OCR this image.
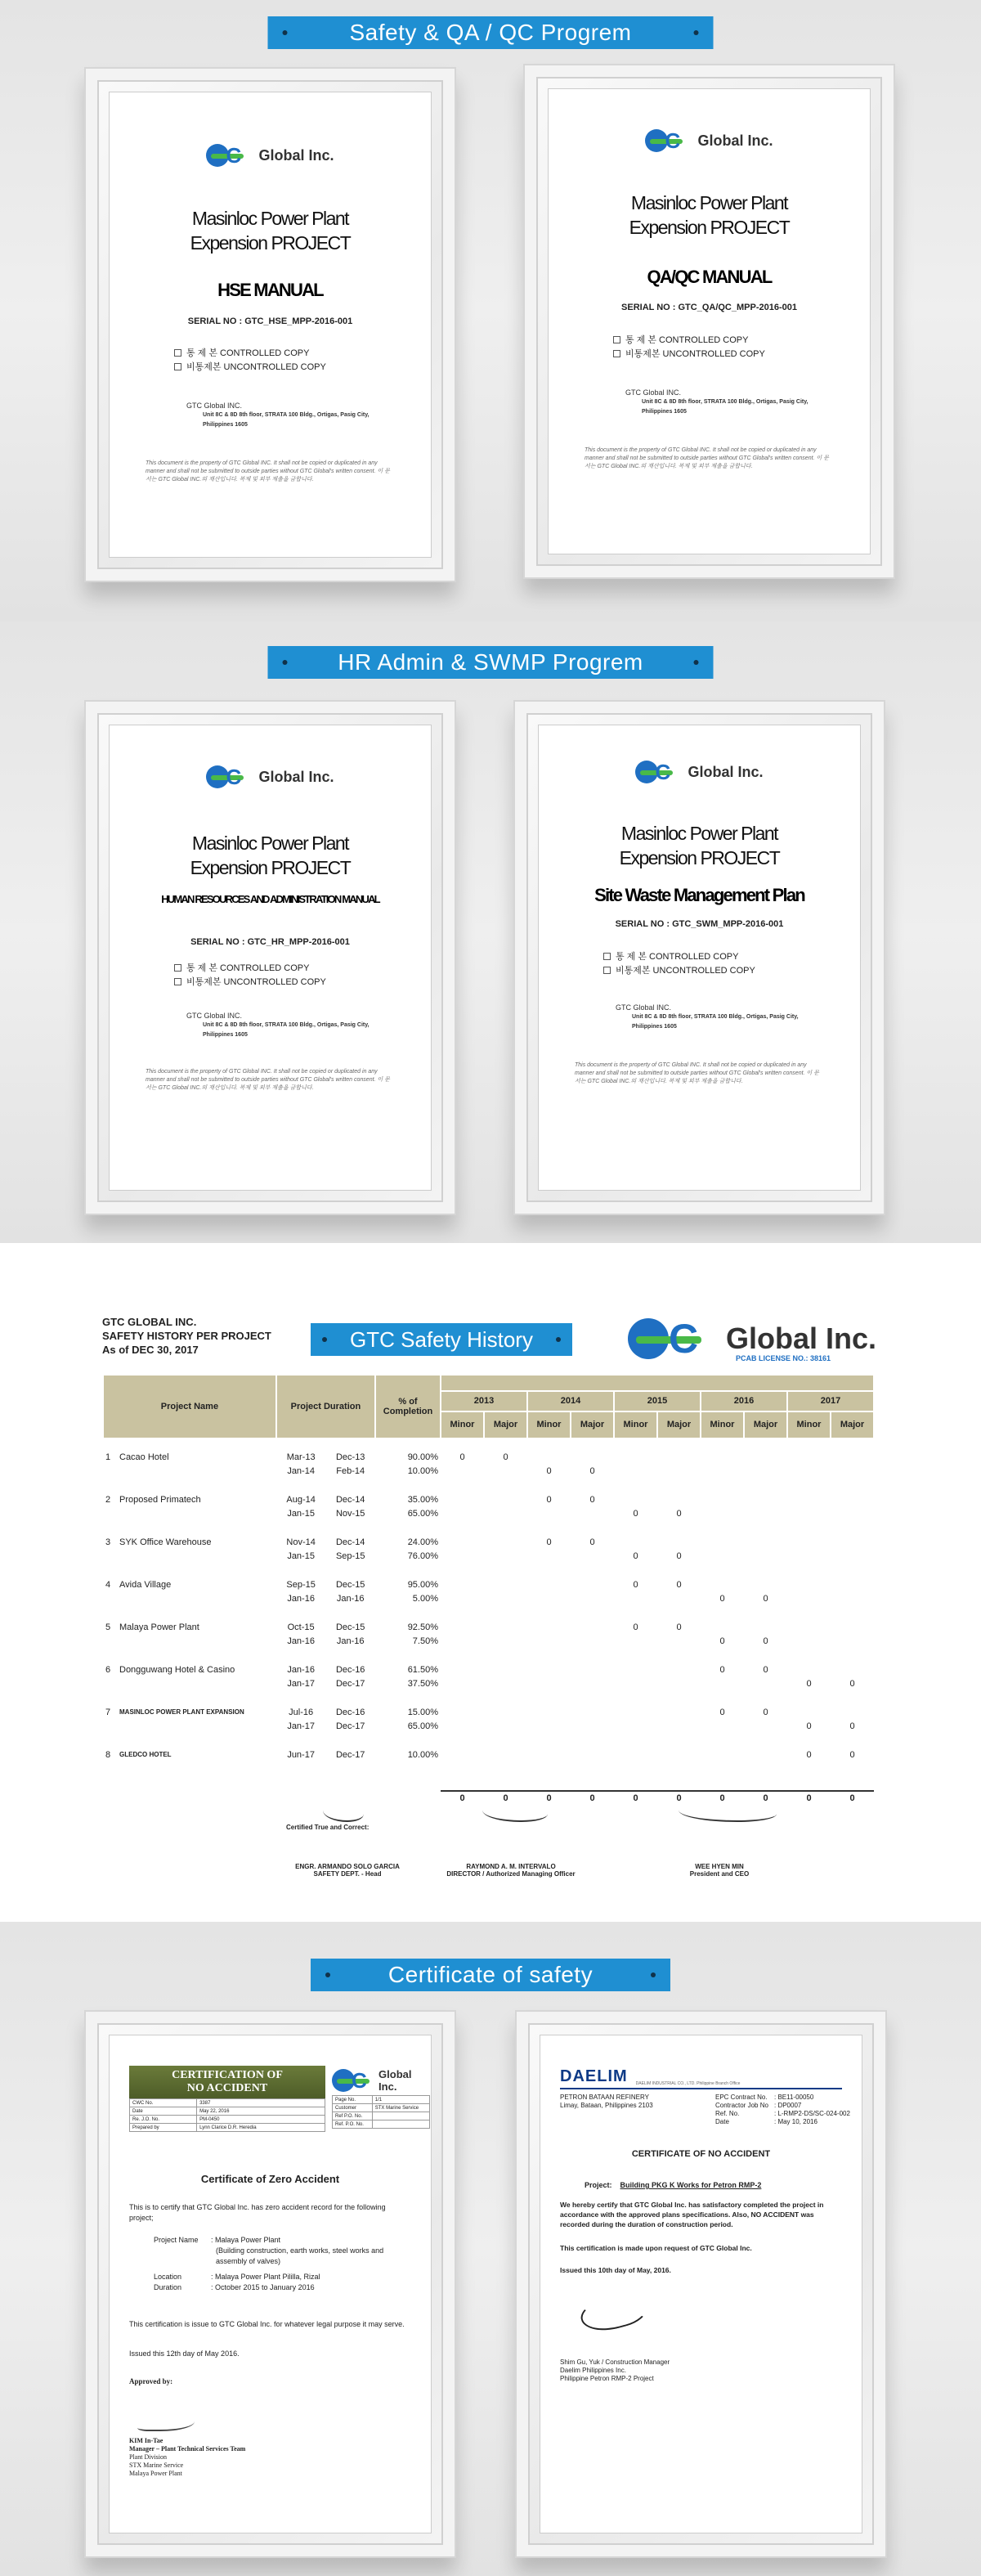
Safety & QA / QC Progrem
C Global Inc.
Masinloc Power Plant
Expension PROJECT
HSE MANUAL
SERIAL NO : GTC_HSE_MPP-2016-001
통 제 본 CONTROLLED COPY
비통제본 UNCONTROLLED COPY
GTC Global INC.
Unit 8C & 8D 8th floor, STRATA 100 Bldg., Ortigas, Pasig City,
Philippines 1605
This document is the property of GTC Global INC. It shall not be copied or duplicated in any manner and shall not be submitted to outside parties without GTC Global's written consent. 이 문서는 GTC Global INC.의 재산입니다. 복제 및 외부 제출을 금합니다.
C Global Inc.
Masinloc Power Plant
Expension PROJECT
QA/QC MANUAL
SERIAL NO : GTC_QA/QC_MPP-2016-001
통 제 본 CONTROLLED COPY
비통제본 UNCONTROLLED COPY
GTC Global INC.
Unit 8C & 8D 8th floor, STRATA 100 Bldg., Ortigas, Pasig City,
Philippines 1605
This document is the property of GTC Global INC. It shall not be copied or duplicated in any manner and shall not be submitted to outside parties without GTC Global's written consent. 이 문서는 GTC Global INC.의 재산입니다. 복제 및 외부 제출을 금합니다.
HR Admin & SWMP Progrem
C Global Inc.
Masinloc Power Plant
Expension PROJECT
HUMAN RESOURCES AND ADMINISTRATION MANUAL
SERIAL NO : GTC_HR_MPP-2016-001
통 제 본 CONTROLLED COPY
비통제본 UNCONTROLLED COPY
GTC Global INC.
Unit 8C & 8D 8th floor, STRATA 100 Bldg., Ortigas, Pasig City,
Philippines 1605
This document is the property of GTC Global INC. It shall not be copied or duplicated in any manner and shall not be submitted to outside parties without GTC Global's written consent. 이 문서는 GTC Global INC.의 재산입니다. 복제 및 외부 제출을 금합니다.
C Global Inc.
Masinloc Power Plant
Expension PROJECT
Site Waste Management Plan
SERIAL NO : GTC_SWM_MPP-2016-001
통 제 본 CONTROLLED COPY
비통제본 UNCONTROLLED COPY
GTC Global INC.
Unit 8C & 8D 8th floor, STRATA 100 Bldg., Ortigas, Pasig City,
Philippines 1605
This document is the property of GTC Global INC. It shall not be copied or duplicated in any manner and shall not be submitted to outside parties without GTC Global's written consent. 이 문서는 GTC Global INC.의 재산입니다. 복제 및 외부 제출을 금합니다.
GTC GLOBAL INC.
SAFETY HISTORY PER PROJECT
As of DEC 30, 2017	GTC Safety History	C Global Inc.
PCAB LICENSE NO.: 38161
Project Name		Project Duration		% of Completion										
					2013		2014		2015		2016		2017	
					Minor	Major	Minor	Major	Minor	Major	Minor	Major	Minor	Major

1	Cacao Hotel	Mar-13	Dec-13	90.00%	0	0								
		Jan-14	Feb-14	10.00%			0	0						

2	Proposed Primatech	Aug-14	Dec-14	35.00%			0	0						
		Jan-15	Nov-15	65.00%					0	0				

3	SYK Office Warehouse	Nov-14	Dec-14	24.00%			0	0						
		Jan-15	Sep-15	76.00%					0	0				

4	Avida Village	Sep-15	Dec-15	95.00%					0	0				
		Jan-16	Jan-16	5.00%							0	0		

5	Malaya Power Plant	Oct-15	Dec-15	92.50%					0	0				
		Jan-16	Jan-16	7.50%							0	0		

6	Dongguwang Hotel & Casino	Jan-16	Dec-16	61.50%							0	0		
		Jan-17	Dec-17	37.50%									0	0

7	MASINLOC POWER PLANT EXPANSION	Jul-16	Dec-16	15.00%							0	0		
		Jan-17	Dec-17	65.00%									0	0

8	GLEDCO HOTEL	Jun-17	Dec-17	10.00%									0	0

					0	0	0	0	0	0	0	0	0	0
Certified True and Correct:
ENGR. ARMANDO SOLO GARCIA
SAFETY DEPT. - Head
RAYMOND A. M. INTERVALO
DIRECTOR / Authorized Managing Officer
WEE HYEN MIN
President and CEO
Certificate of safety
CERTIFICATION OF
NO ACCIDENT
CWC No.	3387
Date	May 22, 2016
Re. J.O. No.	PM-0450
Prepared by	Lynn Clarice D.R. Heredia
C Global Inc.
Page No.	1/1
Customer	STX Marine Service
Ref P.O. No.	
Ref. P.O. No.	
Certificate of Zero Accident
This is to certify that GTC Global Inc. has zero accident record for the following project;
Project Name : Malaya Power Plant
(Building construction, earth works, steel works and assembly of valves)
Location	: Malaya Power Plant Pililla, Rizal
Duration	: October 2015 to January 2016
This certification is issue to GTC Global Inc. for whatever legal purpose it may serve.
Issued this 12th day of May 2016.
Approved by:
KIM In-Tae
Manager – Plant Technical Services Team
Plant Division
STX Marine Service
Malaya Power Plant
DAELIM DAELIM INDUSTRIAL CO., LTD. Philippine Branch Office
PETRON BATAAN REFINERY
Limay, Bataan, Philippines 2103
EPC Contract No. : BE11-00050
Contractor Job No : DP0007
Ref. No.	: L-RMP2-DS/SC-024-002
Date	: May 10, 2016
CERTIFICATE OF NO ACCIDENT
Project: Building PKG K Works for Petron RMP-2
We hereby certify that GTC Global Inc. has satisfactory completed the project in accordance with the approved plans specifications. Also, NO ACCIDENT was recorded during the duration of construction period.
This certification is made upon request of GTC Global Inc.
Issued this 10th day of May, 2016.
Shim Gu, Yuk / Construction Manager
Daelim Philippines Inc.
Philippine Petron RMP-2 Project
